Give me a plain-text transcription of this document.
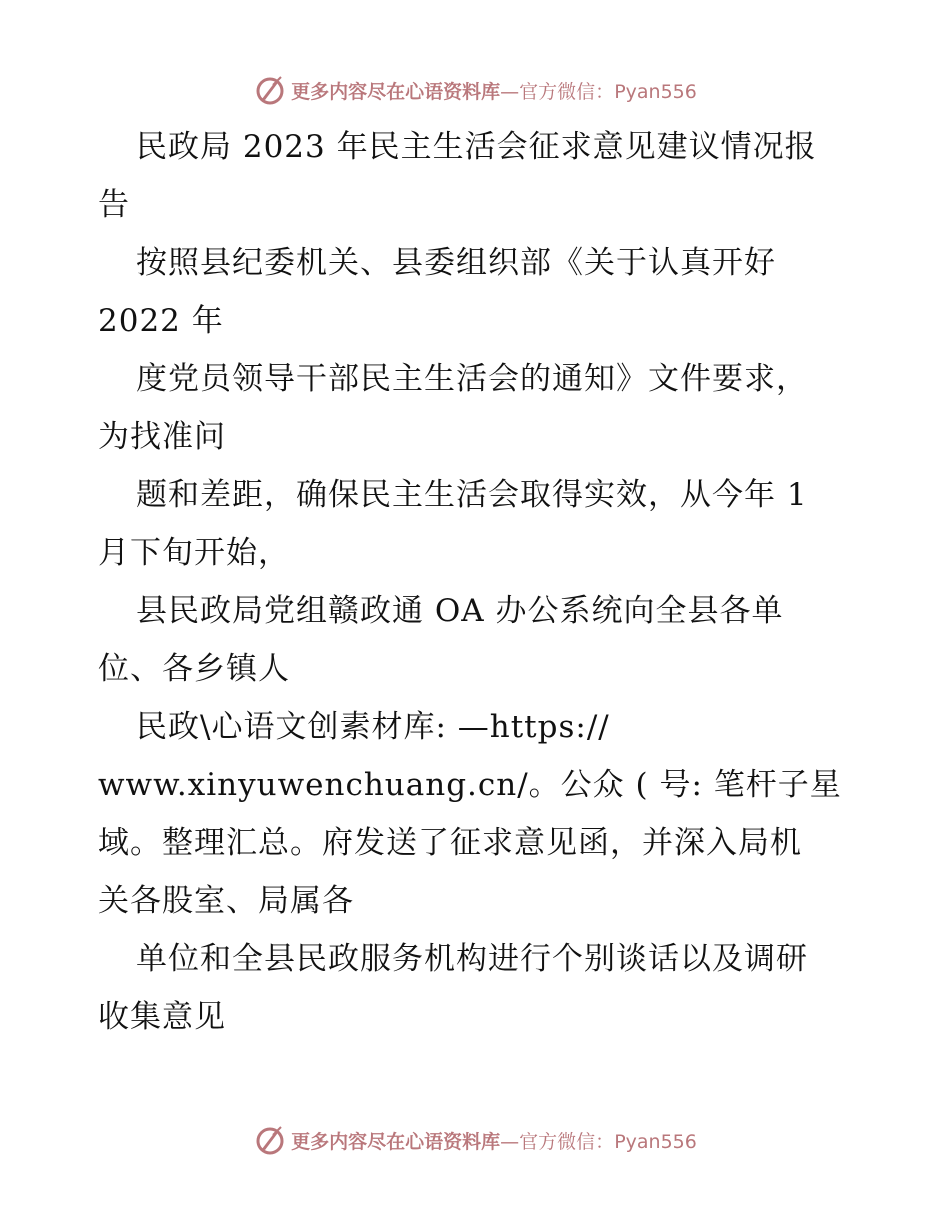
更多内容尽在心语资料库—官方微信：Pyan556
民政局 2023 年民主生活会征求意见建议情况报
告
按照县纪委机关、县委组织部《关于认真开好
2022 年
度党员领导干部民主生活会的通知》文件要求，
为找准问
题和差距，确保民主生活会取得实效，从今年 1
月下旬开始，
县民政局党组赣政通 OA 办公系统向全县各单
位、各乡镇人
民政\心语文创素材库: —https://
www.xinyuwenchuang.cn/。公众 ( 号: 笔杆子星
域。整理汇总。府发送了征求意见函，并深入局机
关各股室、局属各
单位和全县民政服务机构进行个别谈话以及调研
收集意见
更多内容尽在心语资料库—官方微信：Pyan556
